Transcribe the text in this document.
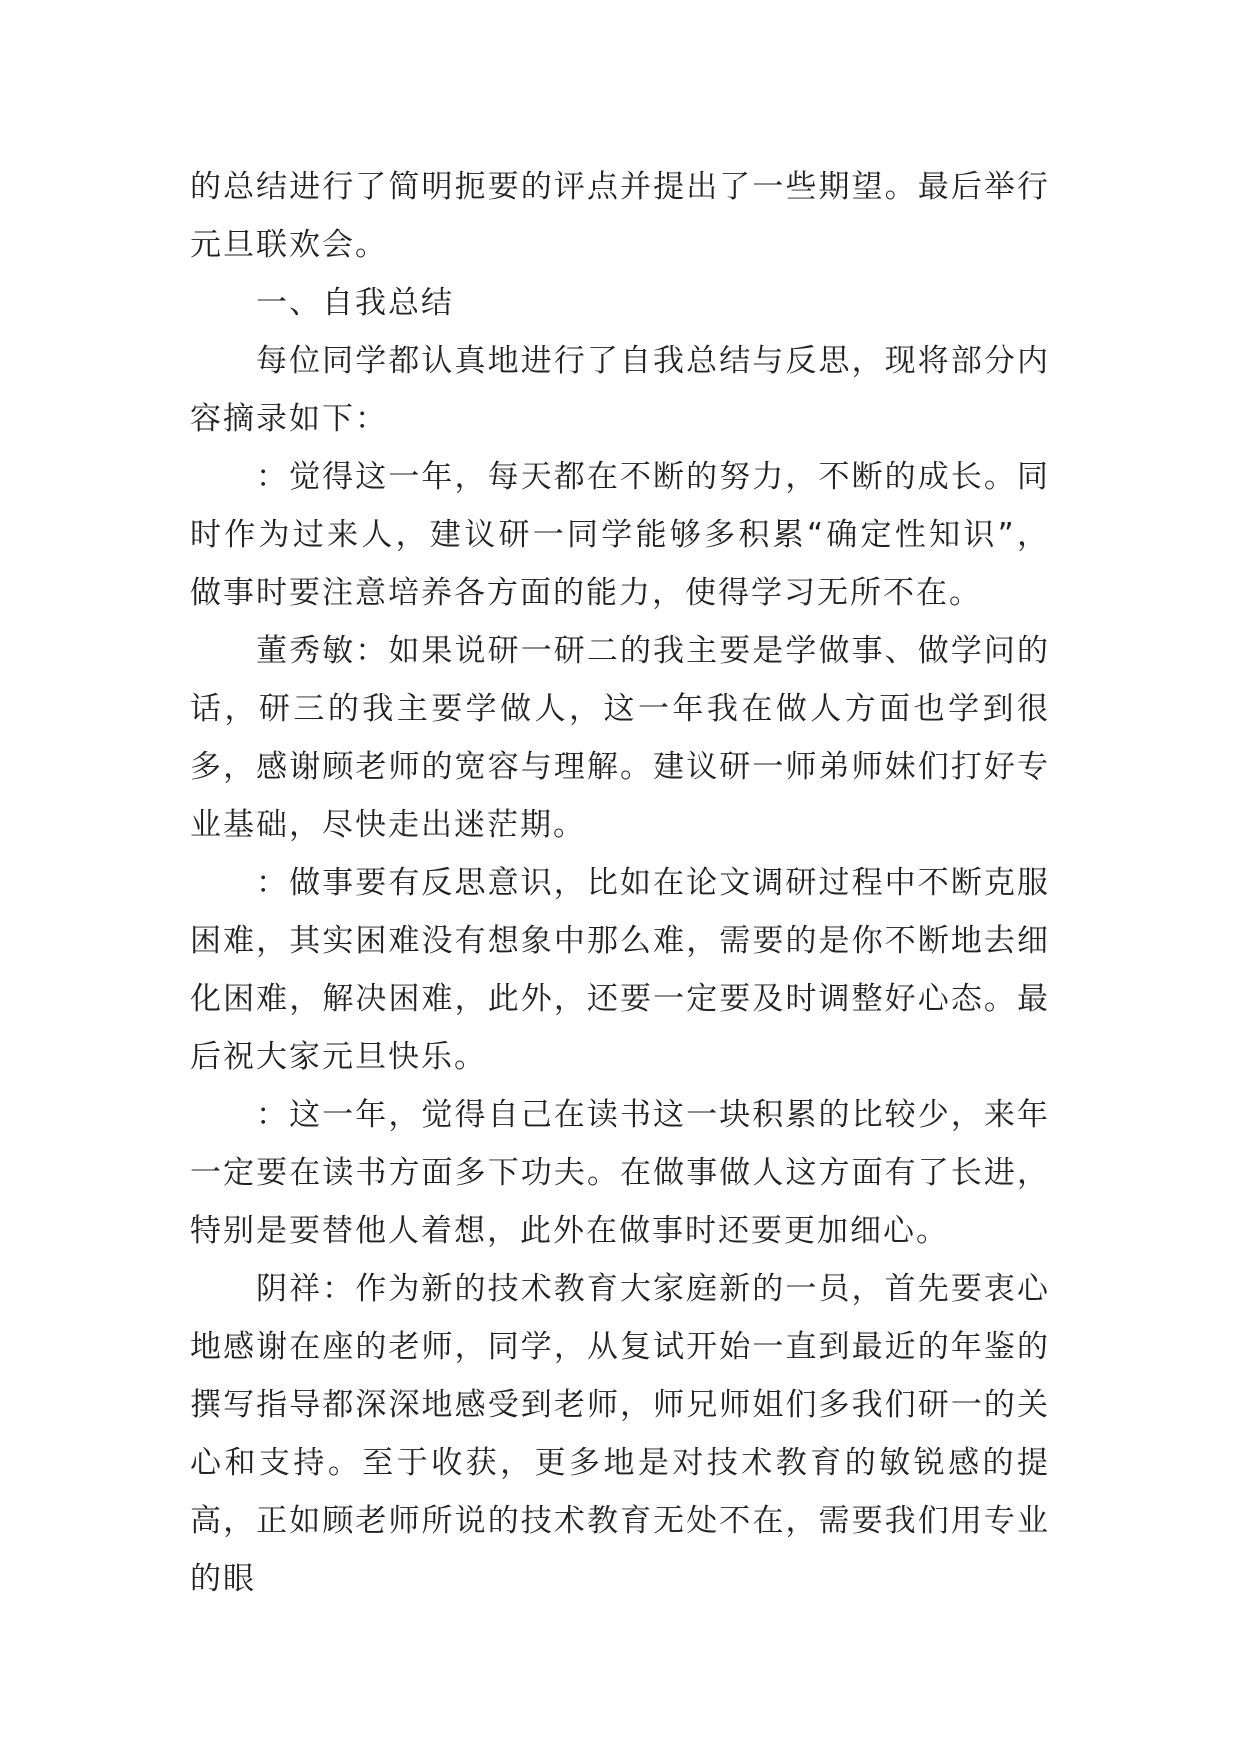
的总结进行了简明扼要的评点并提出了一些期望。最后举行元旦联欢会。

一、自我总结

每位同学都认真地进行了自我总结与反思，现将部分内容摘录如下：

：觉得这一年，每天都在不断的努力，不断的成长。同时作为过来人，建议研一同学能够多积累“确定性知识”，做事时要注意培养各方面的能力，使得学习无所不在。

董秀敏：如果说研一研二的我主要是学做事、做学问的话，研三的我主要学做人，这一年我在做人方面也学到很多，感谢顾老师的宽容与理解。建议研一师弟师妹们打好专业基础，尽快走出迷茫期。

：做事要有反思意识，比如在论文调研过程中不断克服困难，其实困难没有想象中那么难，需要的是你不断地去细化困难，解决困难，此外，还要一定要及时调整好心态。最后祝大家元旦快乐。

：这一年，觉得自己在读书这一块积累的比较少，来年一定要在读书方面多下功夫。在做事做人这方面有了长进，特别是要替他人着想，此外在做事时还要更加细心。

阴祥：作为新的技术教育大家庭新的一员，首先要衷心地感谢在座的老师，同学，从复试开始一直到最近的年鉴的撰写指导都深深地感受到老师，师兄师姐们多我们研一的关心和支持。至于收获，更多地是对技术教育的敏锐感的提高，正如顾老师所说的技术教育无处不在，需要我们用专业的眼
